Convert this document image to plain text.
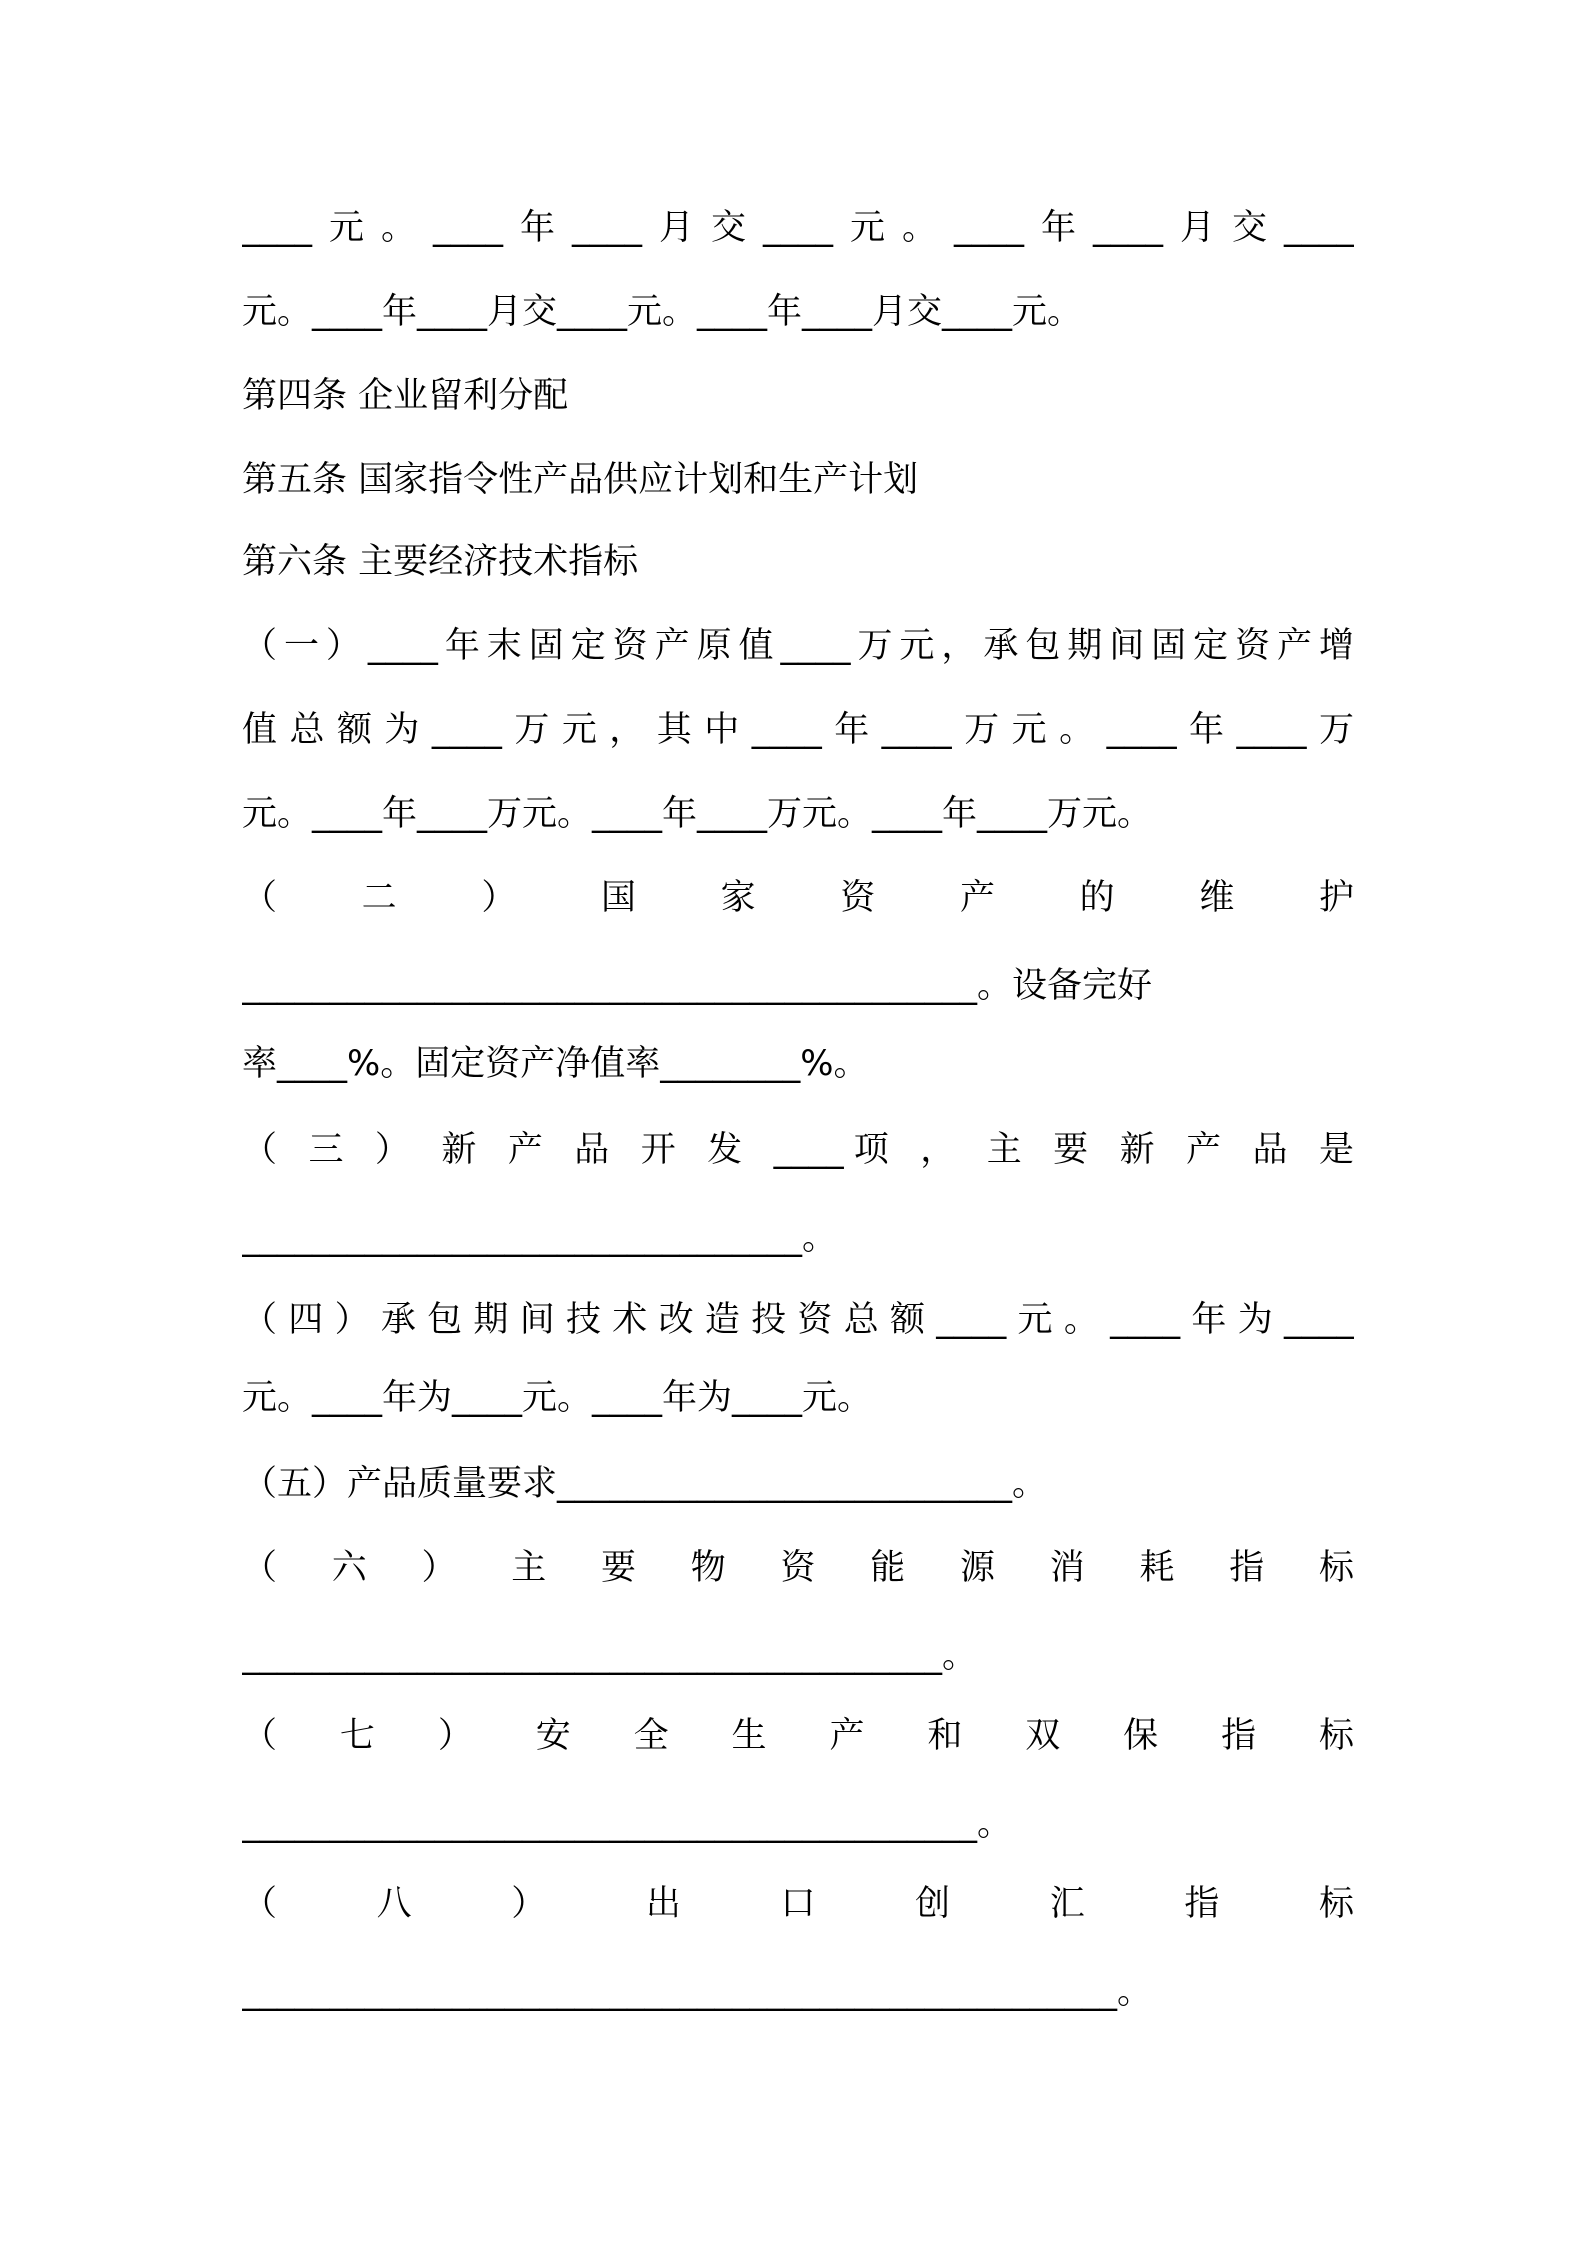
____元。____年____月交____元。____年____月交____
元。____年____月交____元。____年____月交____元。
第四条 企业留利分配
第五条 国家指令性产品供应计划和生产计划
第六条 主要经济技术指标
（一）____年末固定资产原值____万元，承包期间固定资产增
值总额为____万元，其中____年____万元。____年____万
元。____年____万元。____年____万元。____年____万元。
（ 二 ） 国 家 资 产 的 维 护
__________________________________________。设备完好
率____%。固定资产净值率________%。
（ 三 ） 新 产 品 开 发 ____项 ， 主 要 新 产 品 是
________________________________。
（四）承包期间技术改造投资总额____元。____年为____
元。____年为____元。____年为____元。
（五）产品质量要求__________________________。
（ 六 ） 主 要 物 资 能 源 消 耗 指 标
________________________________________。
（ 七 ） 安 全 生 产 和 双 保 指 标
__________________________________________。
（ 八 ） 出 口 创 汇 指 标
__________________________________________________。
